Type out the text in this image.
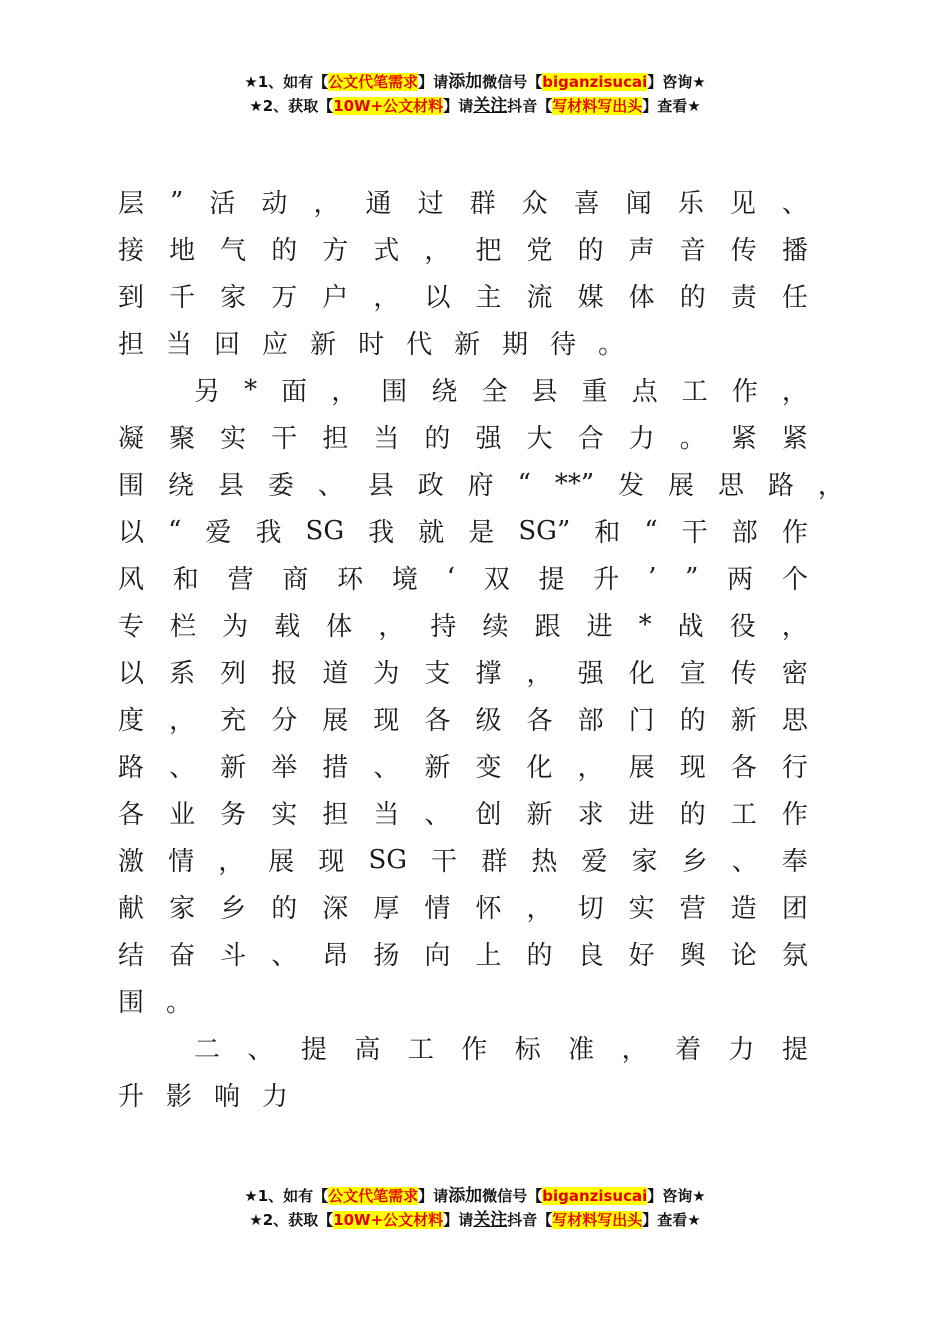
★1、如有【公文代笔需求】请添加微信号【biganzisucai】咨询★
★2、获取【10W+公文材料】请关注抖音【写材料写出头】查看★
层 ” 活 动 ， 通 过 群 众 喜 闻 乐 见 、
接 地 气 的 方 式 ， 把 党 的 声 音 传 播
到 千 家 万 户 ， 以 主 流 媒 体 的 责 任
担 当 回 应 新 时 代 新 期 待 。
另 * 面 ， 围 绕 全 县 重 点 工 作 ，
凝 聚 实 干 担 当 的 强 大 合 力 。 紧 紧
围 绕 县 委 、 县 政 府 “ **” 发 展 思 路 ，
以 “ 爱 我 SG 我 就 是 SG” 和 “ 干 部 作
风 和 营 商 环 境 ‘ 双 提 升 ’ ” 两 个
专 栏 为 载 体 ， 持 续 跟 进 * 战 役 ，
以 系 列 报 道 为 支 撑 ， 强 化 宣 传 密
度 ， 充 分 展 现 各 级 各 部 门 的 新 思
路 、 新 举 措 、 新 变 化 ， 展 现 各 行
各 业 务 实 担 当 、 创 新 求 进 的 工 作
激 情 ， 展 现 SG 干 群 热 爱 家 乡 、 奉
献 家 乡 的 深 厚 情 怀 ， 切 实 营 造 团
结 奋 斗 、 昂 扬 向 上 的 良 好 舆 论 氛
围 。
二 、 提 高 工 作 标 准 ， 着 力 提
升 影 响 力
★1、如有【公文代笔需求】请添加微信号【biganzisucai】咨询★
★2、获取【10W+公文材料】请关注抖音【写材料写出头】查看★
